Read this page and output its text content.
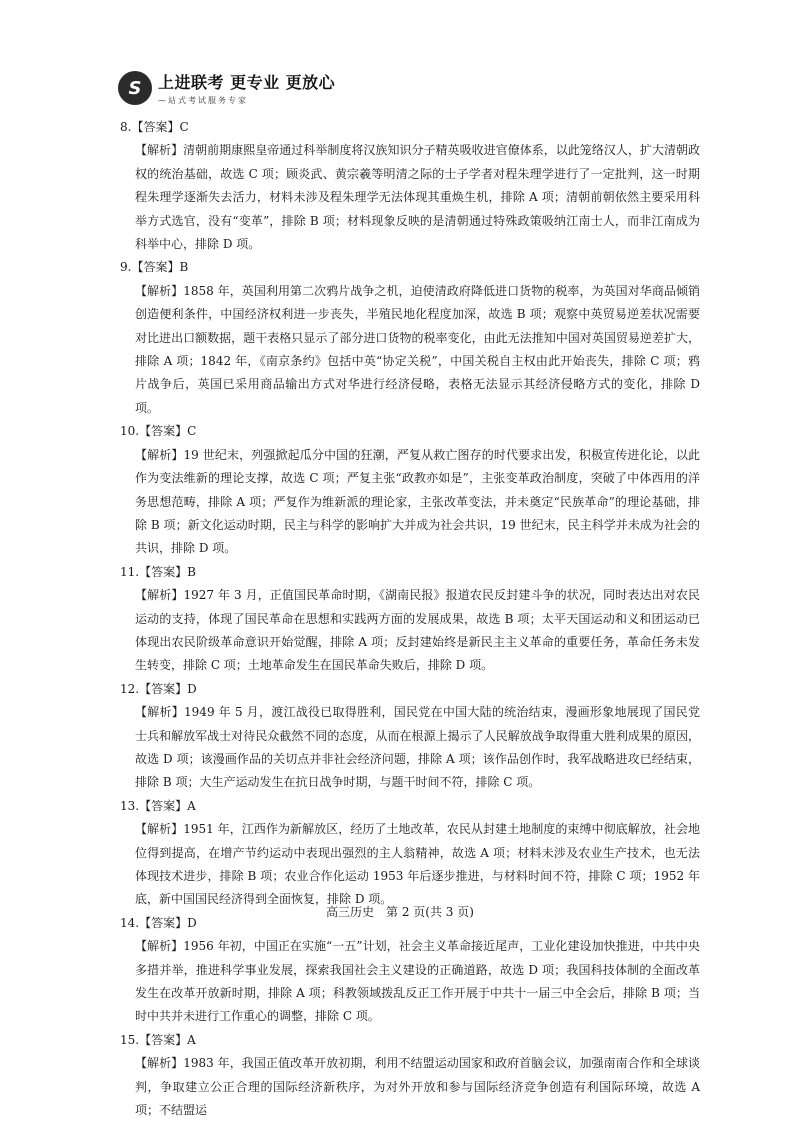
S	上进联考 更专业 更放心
—站式考试服务专家

8.【答案】C

【解析】清朝前期康熙皇帝通过科举制度将汉族知识分子精英吸收进官僚体系，以此笼络汉人，扩大清朝政权的统治基础，故选 C 项；顾炎武、黄宗羲等明清之际的士子学者对程朱理学进行了一定批判，这一时期程朱理学逐渐失去活力，材料未涉及程朱理学无法体现其重焕生机，排除 A 项；清朝前朝依然主要采用科举方式选官，没有“变革”，排除 B 项；材料现象反映的是清朝通过特殊政策吸纳江南士人，而非江南成为科举中心，排除 D 项。

9.【答案】B

【解析】1858 年，英国利用第二次鸦片战争之机，迫使清政府降低进口货物的税率，为英国对华商品倾销创造便利条件，中国经济权利进一步丧失，半殖民地化程度加深，故选 B 项；观察中英贸易逆差状况需要对比进出口额数据，题干表格只显示了部分进口货物的税率变化，由此无法推知中国对英国贸易逆差扩大，排除 A 项；1842 年，《南京条约》包括中英“协定关税”，中国关税自主权由此开始丧失，排除 C 项；鸦片战争后，英国已采用商品输出方式对华进行经济侵略，表格无法显示其经济侵略方式的变化，排除 D 项。

10.【答案】C

【解析】19 世纪末，列强掀起瓜分中国的狂潮，严复从救亡图存的时代要求出发，积极宣传进化论，以此作为变法维新的理论支撑，故选 C 项；严复主张“政教亦如是”，主张变革政治制度，突破了中体西用的洋务思想范畴，排除 A 项；严复作为维新派的理论家，主张改革变法，并未奠定“民族革命”的理论基础，排除 B 项；新文化运动时期，民主与科学的影响扩大并成为社会共识，19 世纪末，民主科学并未成为社会的共识，排除 D 项。

11.【答案】B

【解析】1927 年 3 月，正值国民革命时期，《湖南民报》报道农民反封建斗争的状况，同时表达出对农民运动的支持，体现了国民革命在思想和实践两方面的发展成果，故选 B 项；太平天国运动和义和团运动已体现出农民阶级革命意识开始觉醒，排除 A 项；反封建始终是新民主主义革命的重要任务，革命任务未发生转变，排除 C 项；土地革命发生在国民革命失败后，排除 D 项。

12.【答案】D

【解析】1949 年 5 月，渡江战役已取得胜利，国民党在中国大陆的统治结束，漫画形象地展现了国民党士兵和解放军战士对待民众截然不同的态度，从而在根源上揭示了人民解放战争取得重大胜利成果的原因，故选 D 项；该漫画作品的关切点并非社会经济问题，排除 A 项；该作品创作时，我军战略进攻已经结束，排除 B 项；大生产运动发生在抗日战争时期，与题干时间不符，排除 C 项。

13.【答案】A

【解析】1951 年，江西作为新解放区，经历了土地改革，农民从封建土地制度的束缚中彻底解放，社会地位得到提高，在增产节约运动中表现出强烈的主人翁精神，故选 A 项；材料未涉及农业生产技术，也无法体现技术进步，排除 B 项；农业合作化运动 1953 年后逐步推进，与材料时间不符，排除 C 项；1952 年底，新中国国民经济得到全面恢复，排除 D 项。

14.【答案】D

【解析】1956 年初，中国正在实施“一五”计划，社会主义革命接近尾声，工业化建设加快推进，中共中央多措并举，推进科学事业发展，探索我国社会主义建设的正确道路，故选 D 项；我国科技体制的全面改革发生在改革开放新时期，排除 A 项；科教领域拨乱反正工作开展于中共十一届三中全会后，排除 B 项；当时中共并未进行工作重心的调整，排除 C 项。

15.【答案】A

【解析】1983 年，我国正值改革开放初期，利用不结盟运动国家和政府首脑会议，加强南南合作和全球谈判，争取建立公正合理的国际经济新秩序，为对外开放和参与国际经济竞争创造有利国际环境，故选 A 项；不结盟运

高三历史　第 2 页(共 3 页)
